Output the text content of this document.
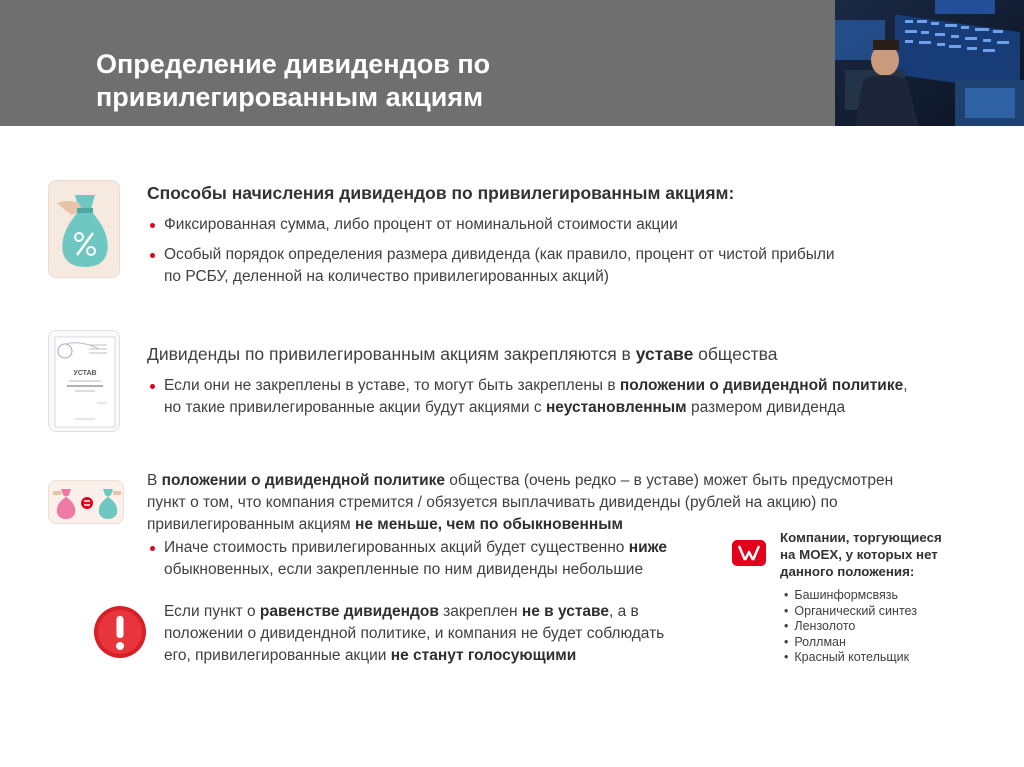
Определение дивидендов по
привилегированным акциям
Способы начисления дивидендов по привилегированным акциям:
Фиксированная сумма, либо процент от номинальной стоимости акции
Особый порядок определения размера дивиденда (как правило, процент от чистой прибыли
по РСБУ, деленной на количество привилегированных акций)
УСТАВ
Дивиденды по привилегированным акциям закрепляются в уставе общества
Если они не закреплены в уставе, то могут быть закреплены в положении о дивидендной политике,
но такие привилегированные акции будут акциями с неустановленным размером дивиденда
В положении о дивидендной политике общества (очень редко – в уставе) может быть предусмотрен
пункт о том, что компания стремится / обязуется выплачивать дивиденды (рублей на акцию) по
привилегированным акциям не меньше, чем по обыкновенным
Иначе стоимость привилегированных акций будет существенно ниже
обыкновенных, если закрепленные по ним дивиденды небольшие
Если пункт о равенстве дивидендов закреплен не в уставе, а в
положении о дивидендной политике, и компания не будет соблюдать
его, привилегированные акции не станут голосующими
Компании, торгующиеся
на МОЕХ, у которых нет
данного положения:
• Башинформсвязь
• Органический синтез
• Лензолото
• Роллман
• Красный котельщик
